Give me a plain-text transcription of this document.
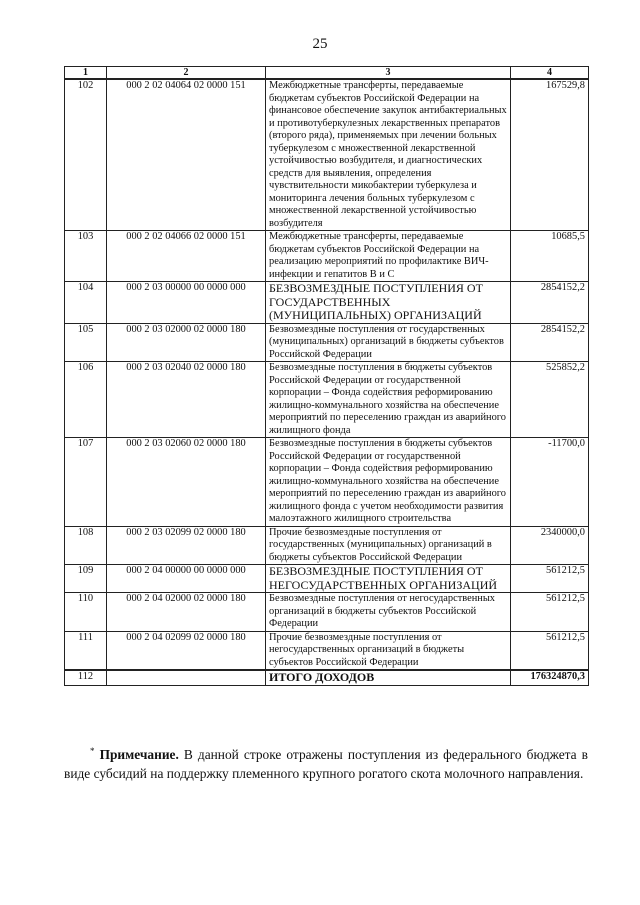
25
1	2	3	4
102	000 2 02 04064 02 0000 151	Межбюджетные трансферты, передаваемые бюджетам субъектов Российской Федерации на финансовое обеспечение закупок антибактериальных и противотуберкулезных лекарственных препаратов (второго ряда), применяемых при лечении больных туберкулезом с множественной лекарственной устойчивостью возбудителя, и диагностических средств для выявления, определения чувствительности микобактерии туберкулеза и мониторинга лечения больных туберкулезом с множественной лекарственной устойчивостью возбудителя	167529,8
103	000 2 02 04066 02 0000 151	Межбюджетные трансферты, передаваемые бюджетам субъектов Российской Федерации на реализацию мероприятий по профилактике ВИЧ-инфекции и гепатитов В и С	10685,5
104	000 2 03 00000 00 0000 000	БЕЗВОЗМЕЗДНЫЕ ПОСТУПЛЕНИЯ ОТ ГОСУДАРСТВЕННЫХ (МУНИЦИПАЛЬНЫХ) ОРГАНИЗАЦИЙ	2854152,2
105	000 2 03 02000 02 0000 180	Безвозмездные поступления от государственных (муниципальных) организаций в бюджеты субъектов Российской Федерации	2854152,2
106	000 2 03 02040 02 0000 180	Безвозмездные поступления в бюджеты субъектов Российской Федерации от государственной корпорации – Фонда содействия реформированию жилищно-коммунального хозяйства на обеспечение мероприятий по переселению граждан из аварийного жилищного фонда	525852,2
107	000 2 03 02060 02 0000 180	Безвозмездные поступления в бюджеты субъектов Российской Федерации от государственной корпорации – Фонда содействия реформированию жилищно-коммунального хозяйства на обеспечение мероприятий по переселению граждан из аварийного жилищного фонда с учетом необходимости развития малоэтажного жилищного строительства	-11700,0
108	000 2 03 02099 02 0000 180	Прочие безвозмездные поступления от государственных (муниципальных) организаций в бюджеты субъектов Российской Федерации	2340000,0
109	000 2 04 00000 00 0000 000	БЕЗВОЗМЕЗДНЫЕ ПОСТУПЛЕНИЯ ОТ НЕГОСУДАРСТВЕННЫХ ОРГАНИЗАЦИЙ	561212,5
110	000 2 04 02000 02 0000 180	Безвозмездные поступления от негосударственных организаций в бюджеты субъектов Российской Федерации	561212,5
111	000 2 04 02099 02 0000 180	Прочие безвозмездные поступления от негосударственных организаций в бюджеты субъектов Российской Федерации	561212,5
112		ИТОГО ДОХОДОВ	176324870,3
* Примечание. В данной строке отражены поступления из федерального бюджета в виде субсидий на поддержку племенного крупного рогатого скота молочного направления.
